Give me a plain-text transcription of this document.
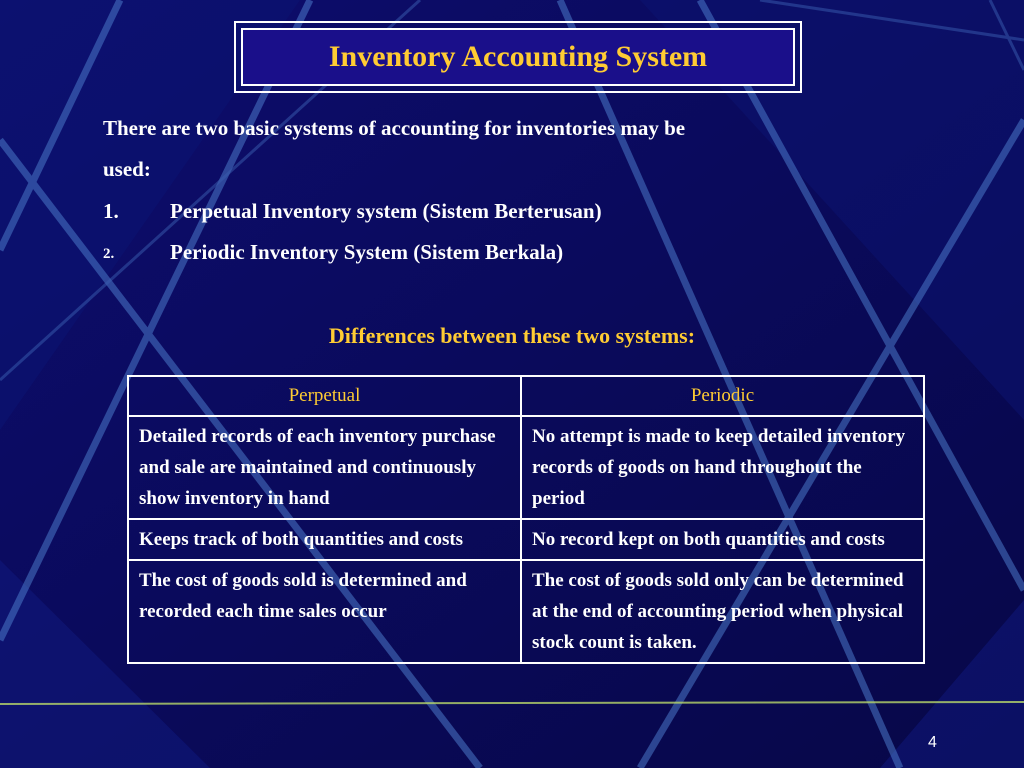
Inventory Accounting System
There are two basic systems of accounting for inventories may be
used:
1. Perpetual Inventory system (Sistem Berterusan)
2.	Periodic Inventory System (Sistem Berkala)
Differences between these two systems:
Perpetual	Periodic
Detailed records of each inventory purchase and sale are maintained and continuously show inventory in hand	No attempt is made to keep detailed inventory records of goods on hand throughout the period
Keeps track of both quantities and costs	No record kept on both quantities and costs
The cost of goods sold is determined and recorded each time sales occur	The cost of goods sold only can be determined at the end of accounting period when physical stock count is taken.
4
